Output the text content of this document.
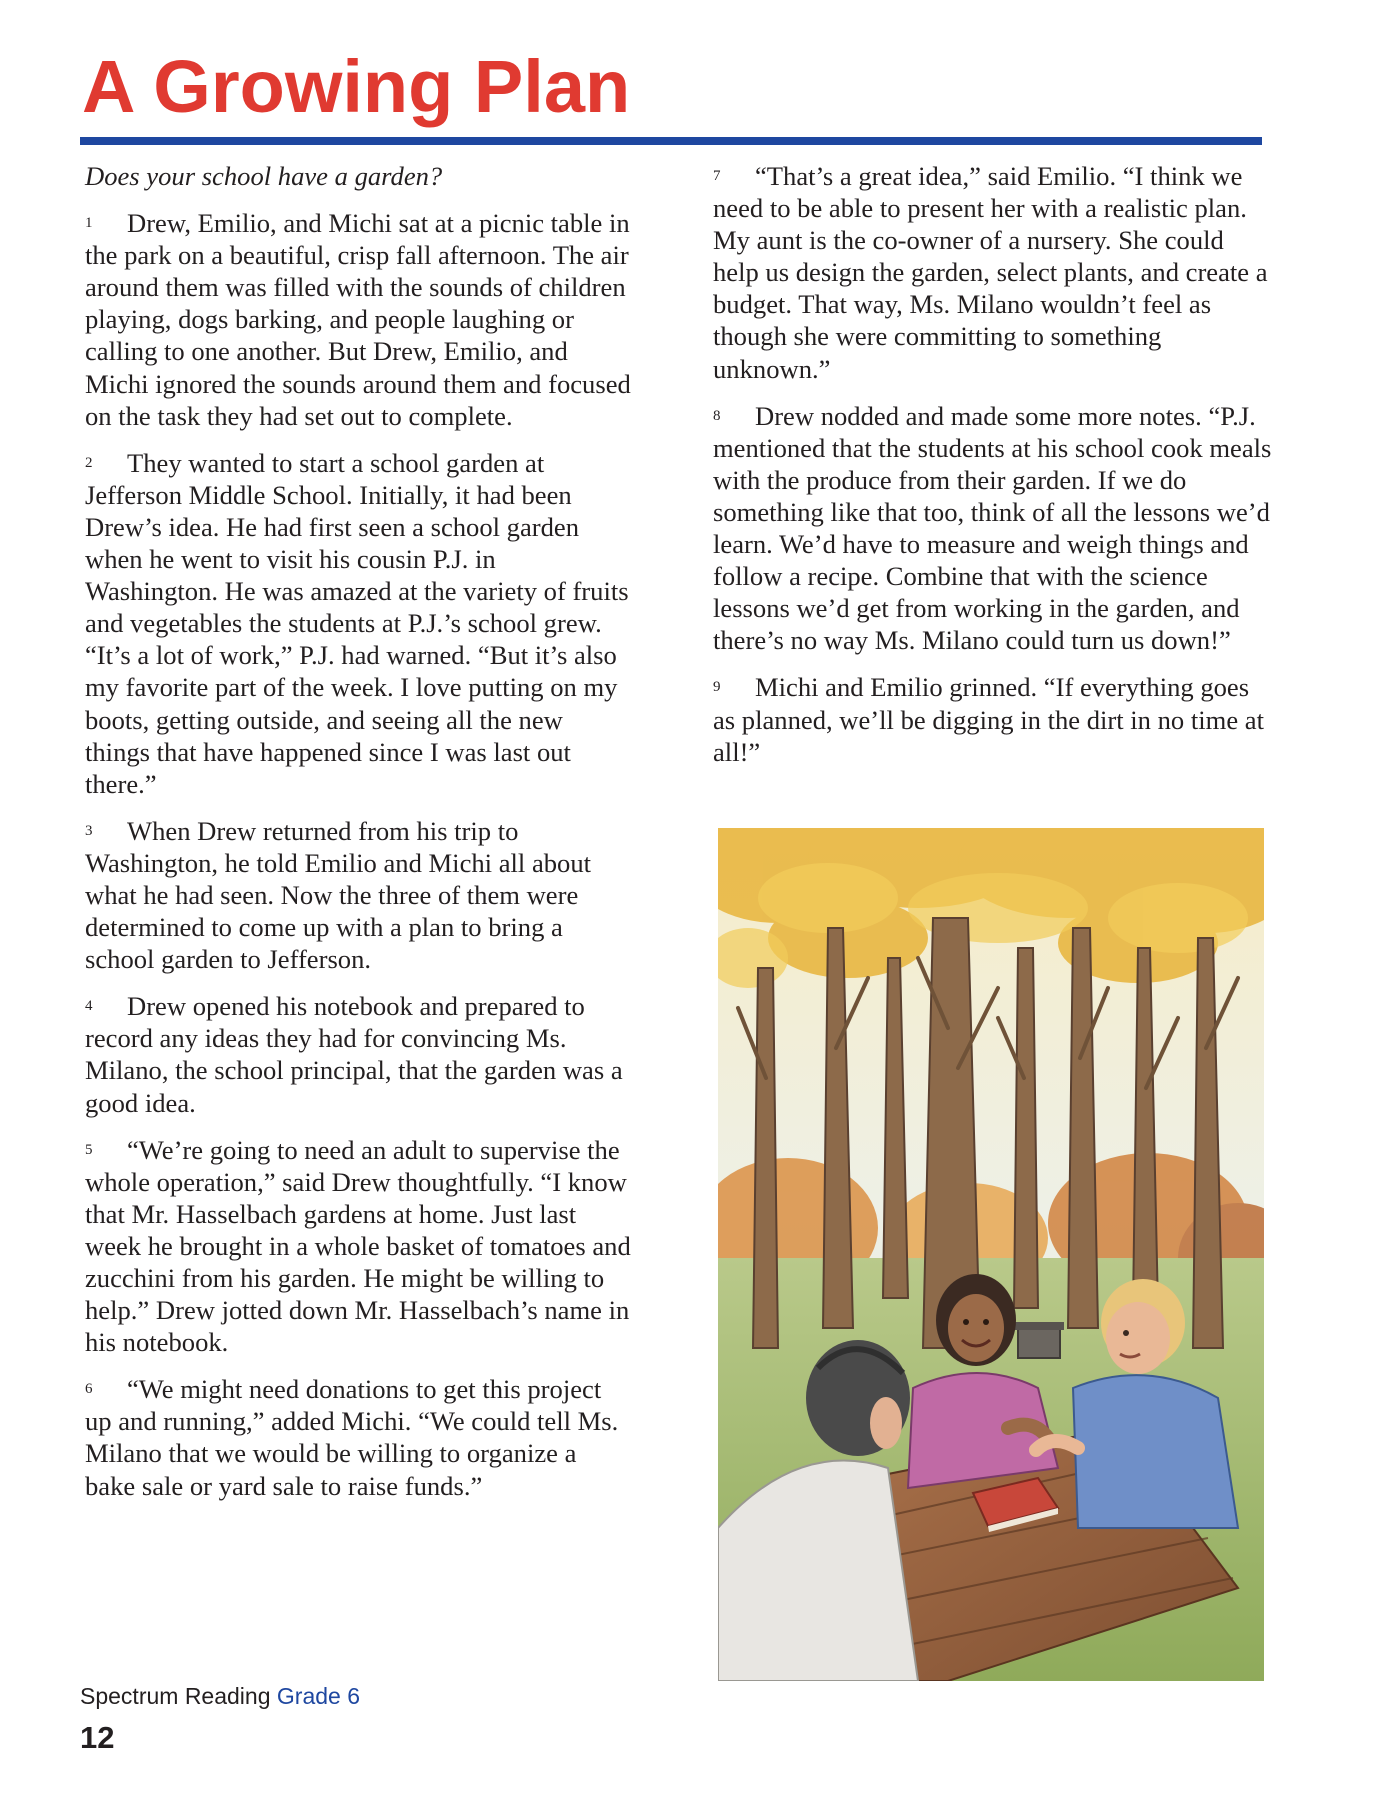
A Growing Plan

Does your school have a garden?

1 Drew, Emilio, and Michi sat at a picnic table in the park on a beautiful, crisp fall afternoon. The air around them was filled with the sounds of children playing, dogs barking, and people laughing or calling to one another. But Drew, Emilio, and Michi ignored the sounds around them and focused on the task they had set out to complete.

2 They wanted to start a school garden at Jefferson Middle School. Initially, it had been Drew’s idea. He had first seen a school garden when he went to visit his cousin P.J. in Washington. He was amazed at the variety of fruits and vegetables the students at P.J.’s school grew. “It’s a lot of work,” P.J. had warned. “But it’s also my favorite part of the week. I love putting on my boots, getting outside, and seeing all the new things that have happened since I was last out there.”

3 When Drew returned from his trip to Washington, he told Emilio and Michi all about what he had seen. Now the three of them were determined to come up with a plan to bring a school garden to Jefferson.

4 Drew opened his notebook and prepared to record any ideas they had for convincing Ms. Milano, the school principal, that the garden was a good idea.

5 “We’re going to need an adult to supervise the whole operation,” said Drew thoughtfully. “I know that Mr. Hasselbach gardens at home. Just last week he brought in a whole basket of tomatoes and zucchini from his garden. He might be willing to help.” Drew jotted down Mr. Hasselbach’s name in his notebook.

6 “We might need donations to get this project up and running,” added Michi. “We could tell Ms. Milano that we would be willing to organize a bake sale or yard sale to raise funds.”

7 “That’s a great idea,” said Emilio. “I think we need to be able to present her with a realistic plan. My aunt is the co-owner of a nursery. She could help us design the garden, select plants, and create a budget. That way, Ms. Milano wouldn’t feel as though she were committing to something unknown.”

8 Drew nodded and made some more notes. “P.J. mentioned that the students at his school cook meals with the produce from their garden. If we do something like that too, think of all the lessons we’d learn. We’d have to measure and weigh things and follow a recipe. Combine that with the science lessons we’d get from working in the garden, and there’s no way Ms. Milano could turn us down!”

9 Michi and Emilio grinned. “If everything goes as planned, we’ll be digging in the dirt in no time at all!”

Spectrum Reading Grade 6
12
